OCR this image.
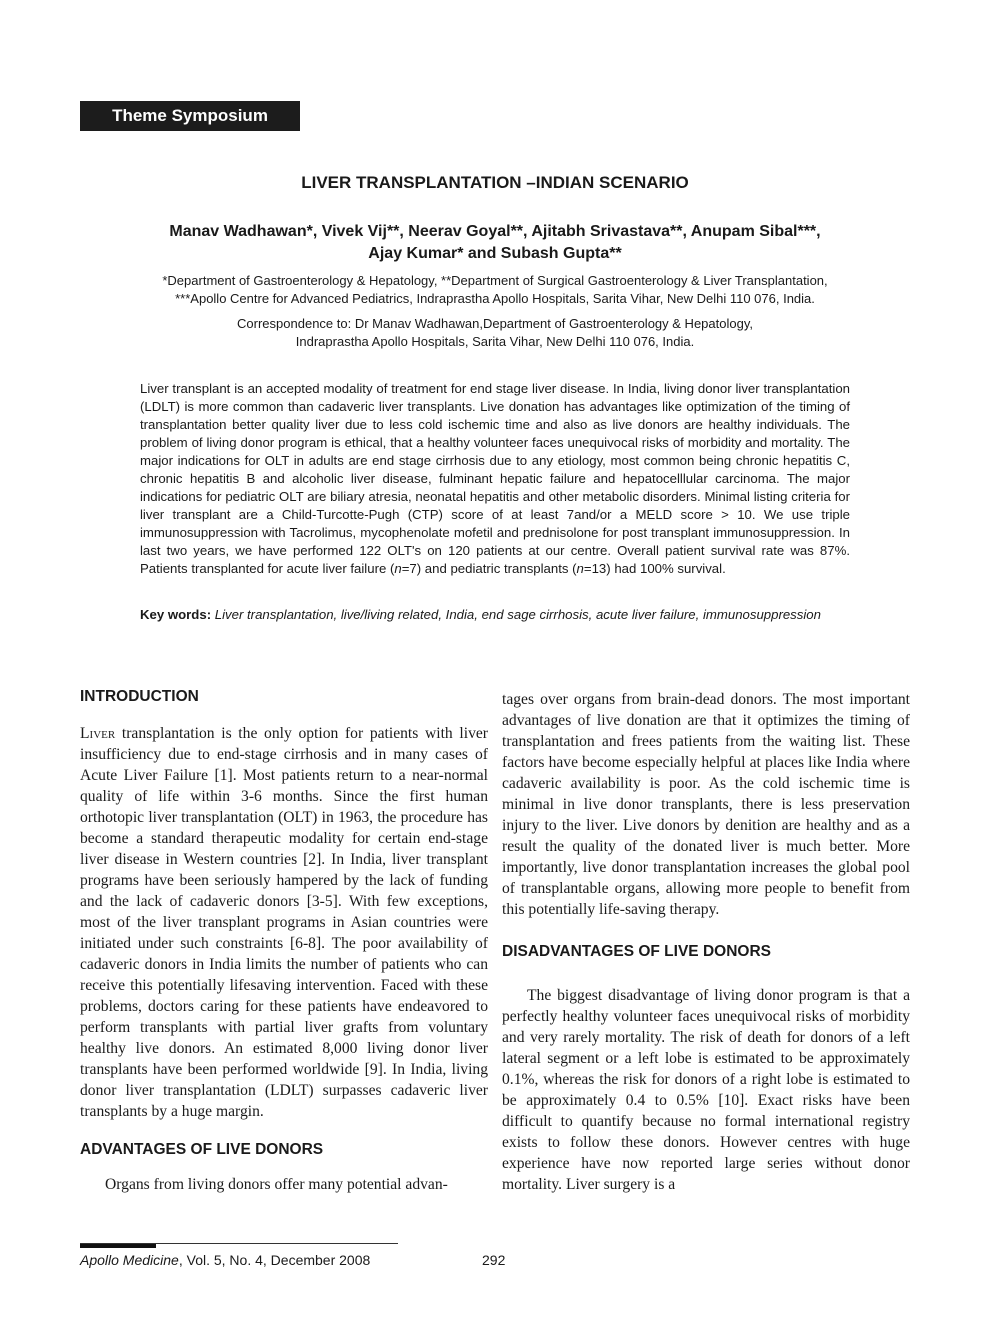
Theme Symposium
LIVER TRANSPLANTATION –INDIAN SCENARIO
Manav Wadhawan*, Vivek Vij**, Neerav Goyal**, Ajitabh Srivastava**, Anupam Sibal***,
Ajay Kumar* and Subash Gupta**
*Department of Gastroenterology & Hepatology, **Department of Surgical Gastroenterology & Liver Transplantation,
***Apollo Centre for Advanced Pediatrics, Indraprastha Apollo Hospitals, Sarita Vihar, New Delhi 110 076, India.
Correspondence to: Dr Manav Wadhawan,Department of Gastroenterology & Hepatology,
Indraprastha Apollo Hospitals, Sarita Vihar, New Delhi 110 076, India.
Liver transplant is an accepted modality of treatment for end stage liver disease. In India, living donor liver transplantation (LDLT) is more common than cadaveric liver transplants. Live donation has advantages like optimization of the timing of transplantation better quality liver due to less cold ischemic time and also as live donors are healthy individuals. The problem of living donor program is ethical, that a healthy volunteer faces unequivocal risks of morbidity and mortality. The major indications for OLT in adults are end stage cirrhosis due to any etiology, most common being chronic hepatitis C, chronic hepatitis B and alcoholic liver disease, fulminant hepatic failure and hepatocelllular carcinoma. The major indications for pediatric OLT are biliary atresia, neonatal hepatitis and other metabolic disorders. Minimal listing criteria for liver transplant are a Child-Turcotte-Pugh (CTP) score of at least 7and/or a MELD score > 10. We use triple immunosuppression with Tacrolimus, mycophenolate mofetil and prednisolone for post transplant immunosuppression. In last two years, we have performed 122 OLT's on 120 patients at our centre. Overall patient survival rate was 87%. Patients transplanted for acute liver failure (n=7) and pediatric transplants (n=13) had 100% survival.
Key words: Liver transplantation, live/living related, India, end sage cirrhosis, acute liver failure, immunosuppression
INTRODUCTION

Liver transplantation is the only option for patients with liver insufficiency due to end-stage cirrhosis and in many cases of Acute Liver Failure [1]. Most patients return to a near-normal quality of life within 3-6 months. Since the first human orthotopic liver transplantation (OLT) in 1963, the procedure has become a standard therapeutic modality for certain end-stage liver disease in Western countries [2]. In India, liver transplant programs have been seriously hampered by the lack of funding and the lack of cadaveric donors [3-5]. With few exceptions, most of the liver transplant programs in Asian countries were initiated under such constraints [6-8]. The poor availability of cadaveric donors in India limits the number of patients who can receive this potentially lifesaving intervention. Faced with these problems, doctors caring for these patients have endeavored to perform transplants with partial liver grafts from voluntary healthy live donors. An estimated 8,000 living donor liver transplants have been performed worldwide [9]. In India, living donor liver transplantation (LDLT) surpasses cadaveric liver transplants by a huge margin.

ADVANTAGES OF LIVE DONORS

Organs from living donors offer many potential advan-

tages over organs from brain-dead donors. The most important advantages of live donation are that it optimizes the timing of transplantation and frees patients from the waiting list. These factors have become especially helpful at places like India where cadaveric availability is poor. As the cold ischemic time is minimal in live donor transplants, there is less preservation injury to the liver. Live donors by denition are healthy and as a result the quality of the donated liver is much better. More importantly, live donor transplantation increases the global pool of transplantable organs, allowing more people to benefit from this potentially life-saving therapy.

DISADVANTAGES OF LIVE DONORS

The biggest disadvantage of living donor program is that a perfectly healthy volunteer faces unequivocal risks of morbidity and very rarely mortality. The risk of death for donors of a left lateral segment or a left lobe is estimated to be approximately 0.1%, whereas the risk for donors of a right lobe is estimated to be approximately 0.4 to 0.5% [10]. Exact risks have been difficult to quantify because no formal international registry exists to follow these donors. However centres with huge experience have now reported large series without donor mortality. Liver surgery is a

Apollo Medicine, Vol. 5, No. 4, December 2008	292
